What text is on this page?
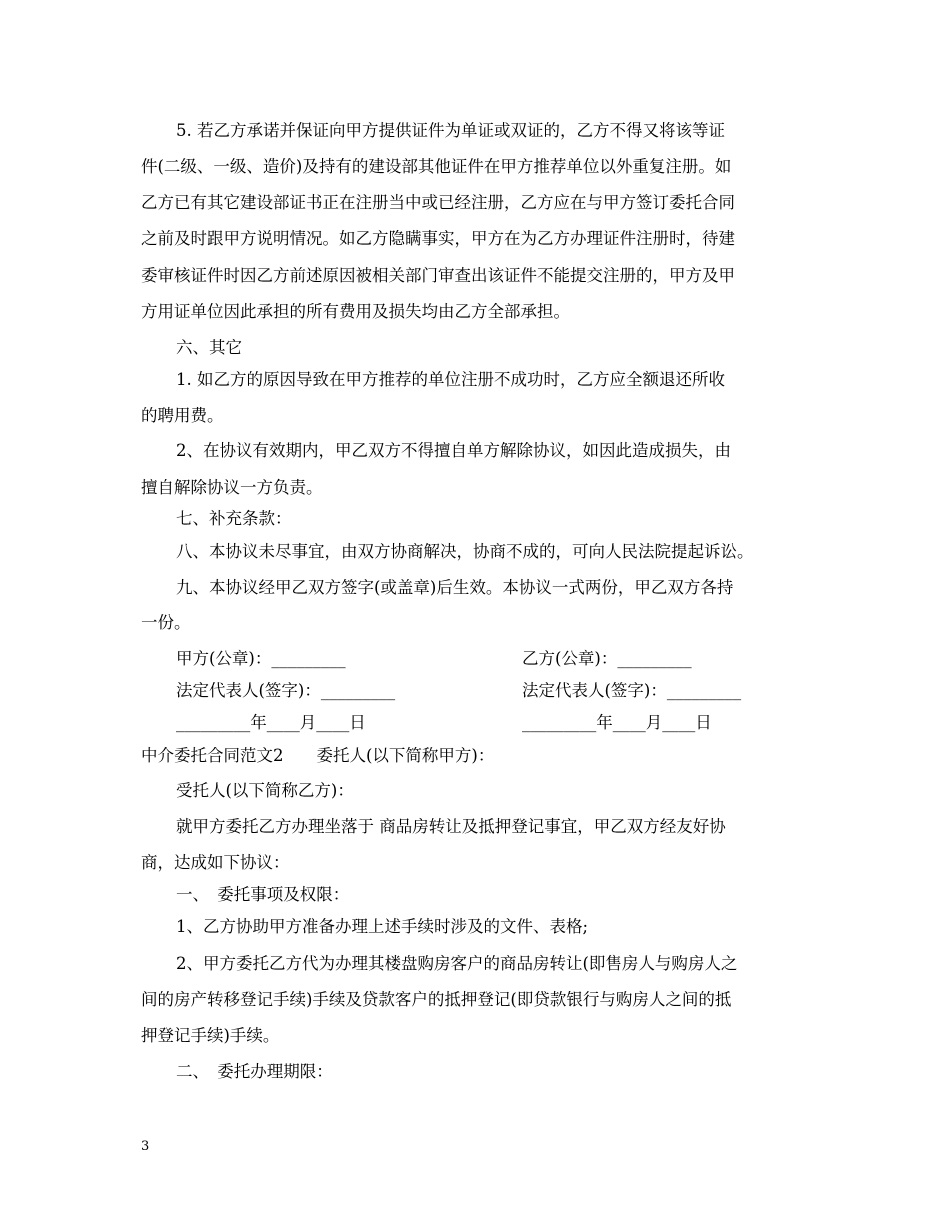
5. 若乙方承诺并保证向甲方提供证件为单证或双证的，乙方不得又将该等证
件(二级、一级、造价)及持有的建设部其他证件在甲方推荐单位以外重复注册。如
乙方已有其它建设部证书正在注册当中或已经注册，乙方应在与甲方签订委托合同
之前及时跟甲方说明情况。如乙方隐瞒事实，甲方在为乙方办理证件注册时，待建
委审核证件时因乙方前述原因被相关部门审查出该证件不能提交注册的，甲方及甲
方用证单位因此承担的所有费用及损失均由乙方全部承担。
六、其它
1. 如乙方的原因导致在甲方推荐的单位注册不成功时，乙方应全额退还所收
的聘用费。
2、在协议有效期内，甲乙双方不得擅自单方解除协议，如因此造成损失，由
擅自解除协议一方负责。
七、补充条款：
八、本协议未尽事宜，由双方协商解决，协商不成的，可向人民法院提起诉讼。
九、本协议经甲乙双方签字(或盖章)后生效。本协议一式两份，甲乙双方各持
一份。
甲方(公章)：_________	乙方(公章)：_________
法定代表人(签字)：_________	法定代表人(签字)：_________
_________年____月____日	_________年____月____日
中介委托合同范文2　　委托人(以下简称甲方)：
受托人(以下简称乙方)：
就甲方委托乙方办理坐落于 商品房转让及抵押登记事宜，甲乙双方经友好协
商，达成如下协议：
一、　委托事项及权限：
1、乙方协助甲方准备办理上述手续时涉及的文件、表格;
2、甲方委托乙方代为办理其楼盘购房客户的商品房转让(即售房人与购房人之
间的房产转移登记手续)手续及贷款客户的抵押登记(即贷款银行与购房人之间的抵
押登记手续)手续。
二、　委托办理期限：
3
